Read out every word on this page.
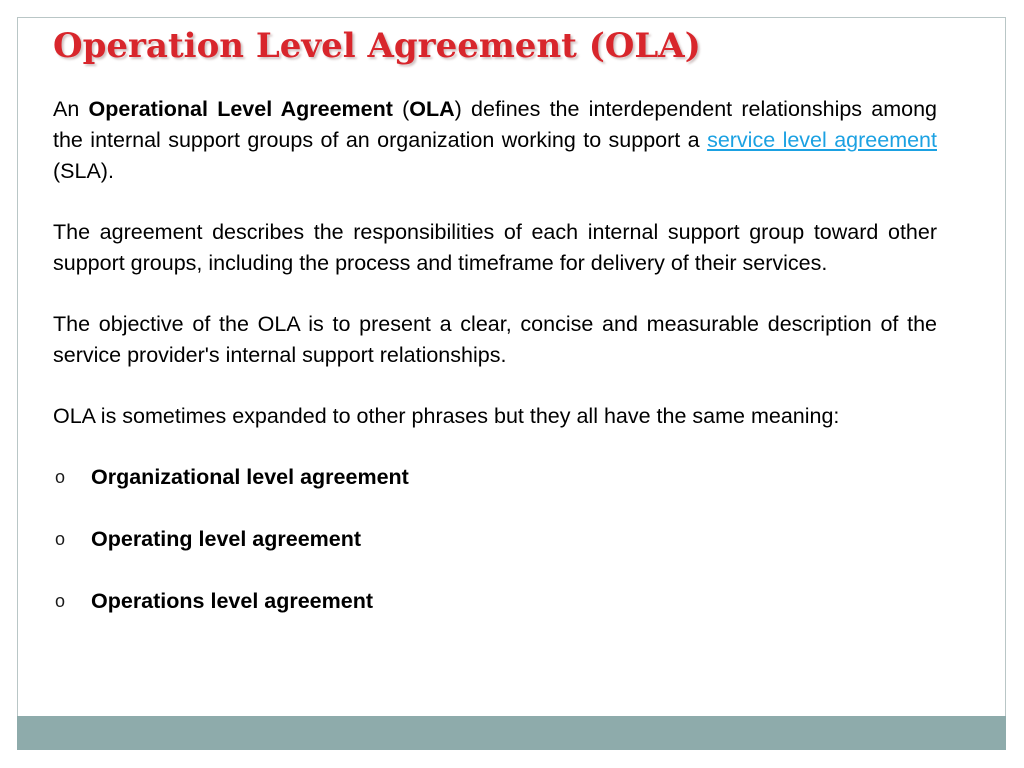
Operation Level Agreement (OLA)

An Operational Level Agreement (OLA) defines the interdependent relationships among the internal support groups of an organization working to support a service level agreement (SLA).

The agreement describes the responsibilities of each internal support group toward other support groups, including the process and timeframe for delivery of their services.

The objective of the OLA is to present a clear, concise and measurable description of the service provider's internal support relationships.

OLA is sometimes expanded to other phrases but they all have the same meaning:

o Organizational level agreement
o Operating level agreement
o Operations level agreement
